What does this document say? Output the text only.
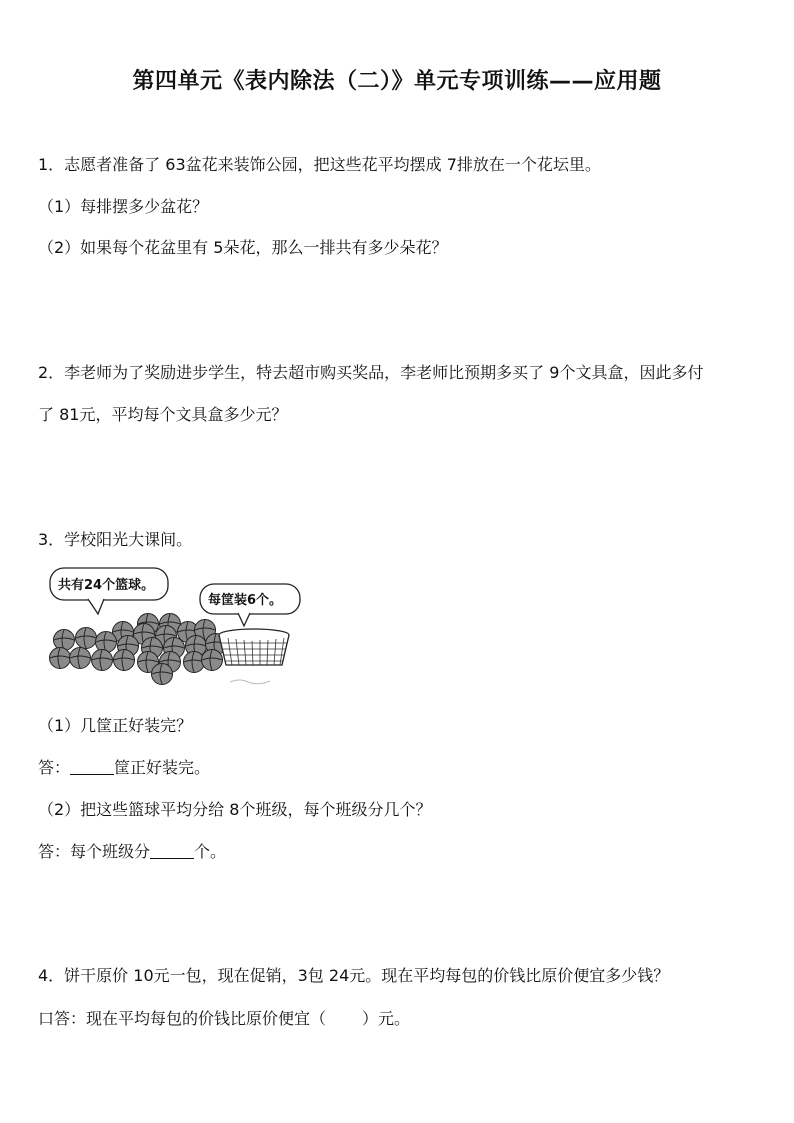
第四单元《表内除法（二）》单元专项训练——应用题
1．志愿者准备了 63盆花来装饰公园，把这些花平均摆成 7排放在一个花坛里。
（1）每排摆多少盆花？
（2）如果每个花盆里有 5朵花，那么一排共有多少朵花？
2．李老师为了奖励进步学生，特去超市购买奖品，李老师比预期多买了 9个文具盒，因此多付
了 81元，平均每个文具盒多少元？
3．学校阳光大课间。
共有24个篮球。
每筐装6个。
（1）几筐正好装完？
答：	筐正好装完。
（2）把这些篮球平均分给 8个班级，每个班级分几个？
答：每个班级分	个。
4．饼干原价 10元一包，现在促销，3包 24元。现在平均每包的价钱比原价便宜多少钱？
口答：现在平均每包的价钱比原价便宜（ ）元。
